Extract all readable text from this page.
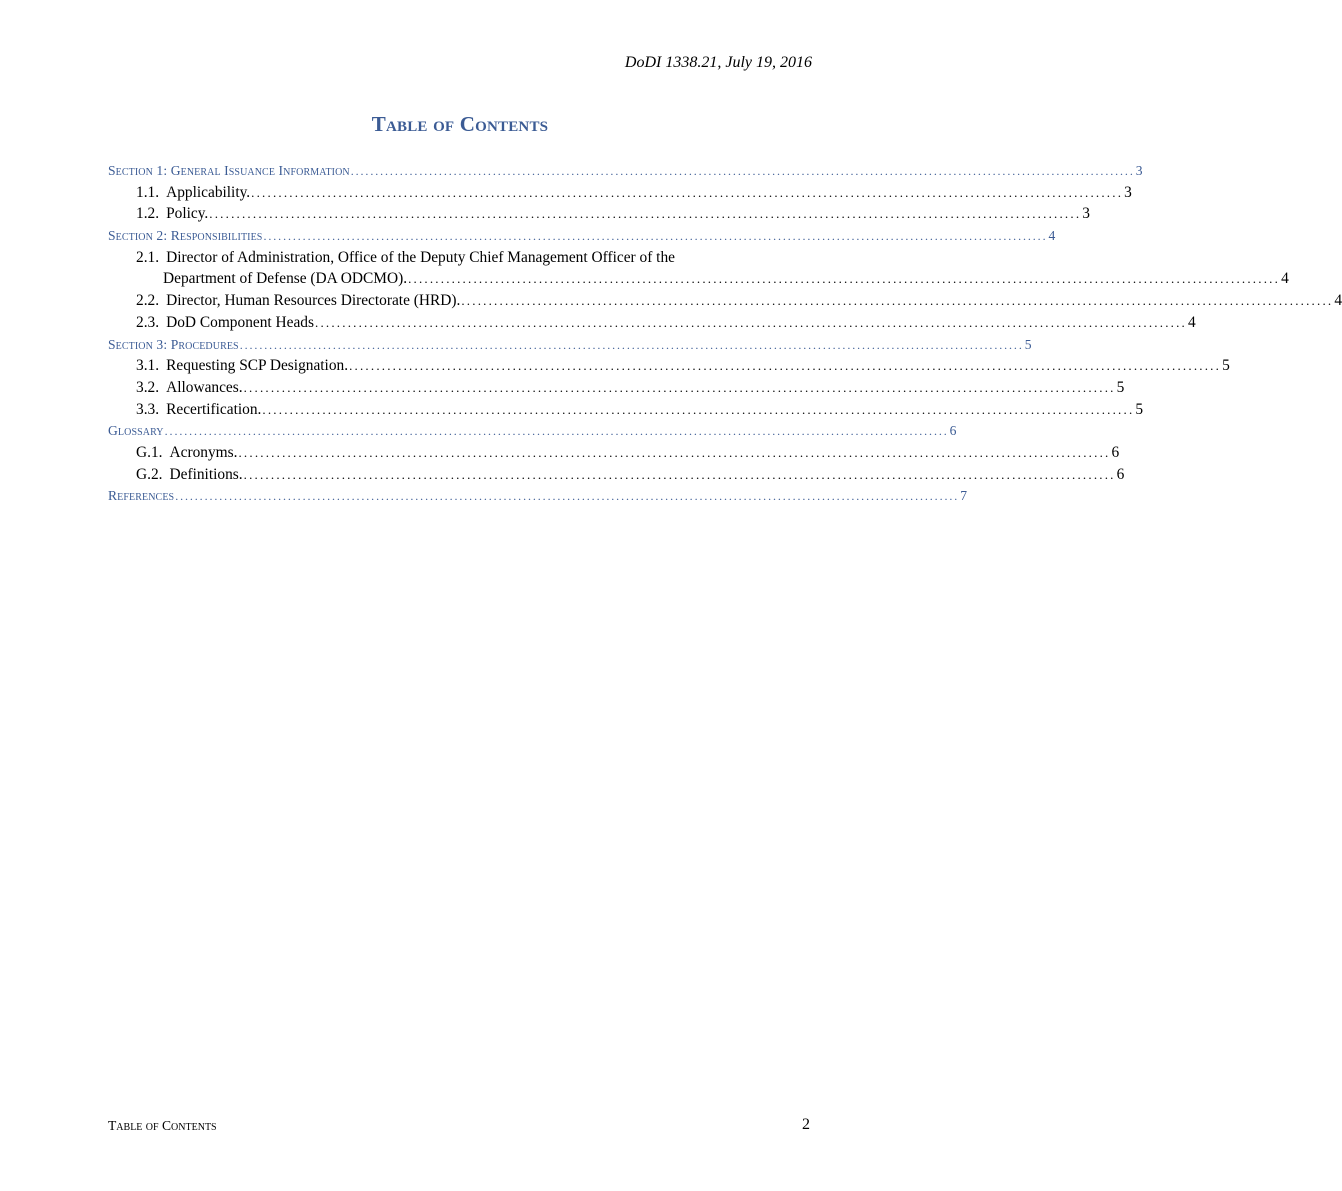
DoDI 1338.21, July 19, 2016
Table of Contents
Section 1: General Issuance Information ................................................................................................................................................................ 3
1.1. Applicability. ................................................................................................................................................................ 3
1.2. Policy. ................................................................................................................................................................ 3
Section 2: Responsibilities ................................................................................................................................................................ 4
2.1. Director of Administration, Office of the Deputy Chief Management Officer of the
Department of Defense (DA ODCMO). ................................................................................................................................................................ 4
2.2. Director, Human Resources Directorate (HRD). ................................................................................................................................................................ 4
2.3. DoD Component Heads ................................................................................................................................................................ 4
Section 3: Procedures ................................................................................................................................................................ 5
3.1. Requesting SCP Designation. ................................................................................................................................................................ 5
3.2. Allowances. ................................................................................................................................................................ 5
3.3. Recertification. ................................................................................................................................................................ 5
Glossary ................................................................................................................................................................ 6
G.1. Acronyms. ................................................................................................................................................................ 6
G.2. Definitions. ................................................................................................................................................................ 6
References ................................................................................................................................................................ 7
Table of Contents	2
